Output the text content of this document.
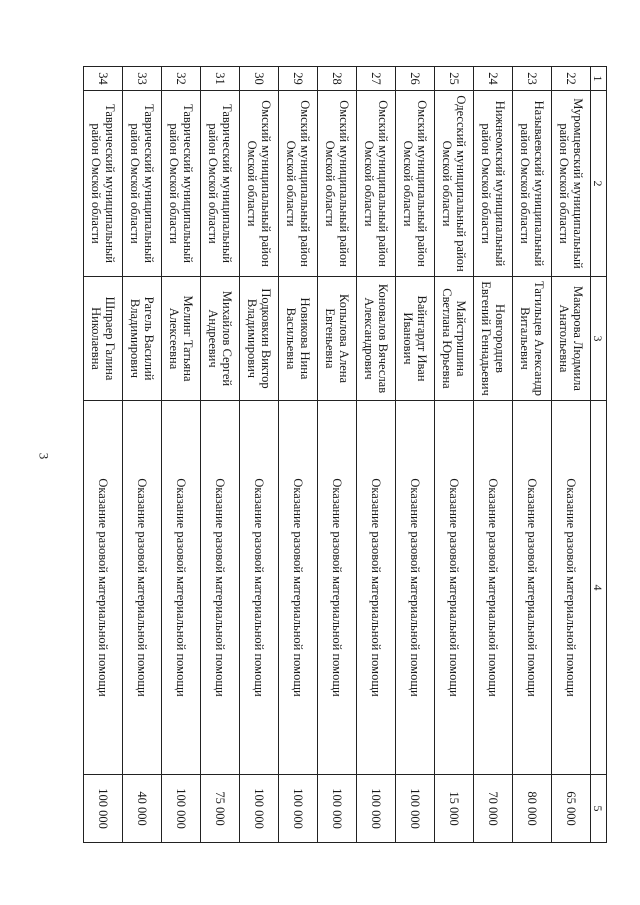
3
1	2	3	4	5
22	Муромцевский муниципальный район Омской области	Макарова Людмила Анатольевна	Оказание разовой материальной помощи	65 000
23	Называевский муниципальный район Омской области	Тагильцев Александр Витальевич	Оказание разовой материальной помощи	80 000
24	Нижнеомский муниципальный район Омской области	Новгородцев Евгений Геннадьевич	Оказание разовой материальной помощи	70 000
25	Одесский муниципальный район Омской области	Майстришина Светлана Юрьевна	Оказание разовой материальной помощи	15 000
26	Омский муниципальный район Омской области	Вайнгардт Иван Иванович	Оказание разовой материальной помощи	100 000
27	Омский муниципальный район Омской области	Коновалов Вячеслав Александрович	Оказание разовой материальной помощи	100 000
28	Омский муниципальный район Омской области	Копылова Алена Евгеньевна	Оказание разовой материальной помощи	100 000
29	Омский муниципальный район Омской области	Новикова Нина Васильевна	Оказание разовой материальной помощи	100 000
30	Омский муниципальный район Омской области	Подковкин Виктор Владимирович	Оказание разовой материальной помощи	100 000
31	Таврический муниципальный район Омской области	Михайлов Сергей Андреевич	Оказание разовой материальной помощи	75 000
32	Таврический муниципальный район Омской области	Мелинг Татьяна Алексеевна	Оказание разовой материальной помощи	100 000
33	Таврический муниципальный район Омской области	Рагель Василий Владимирович	Оказание разовой материальной помощи	40 000
34	Таврический муниципальный район Омской области	Шпраер Галина Николаевна	Оказание разовой материальной помощи	100 000
